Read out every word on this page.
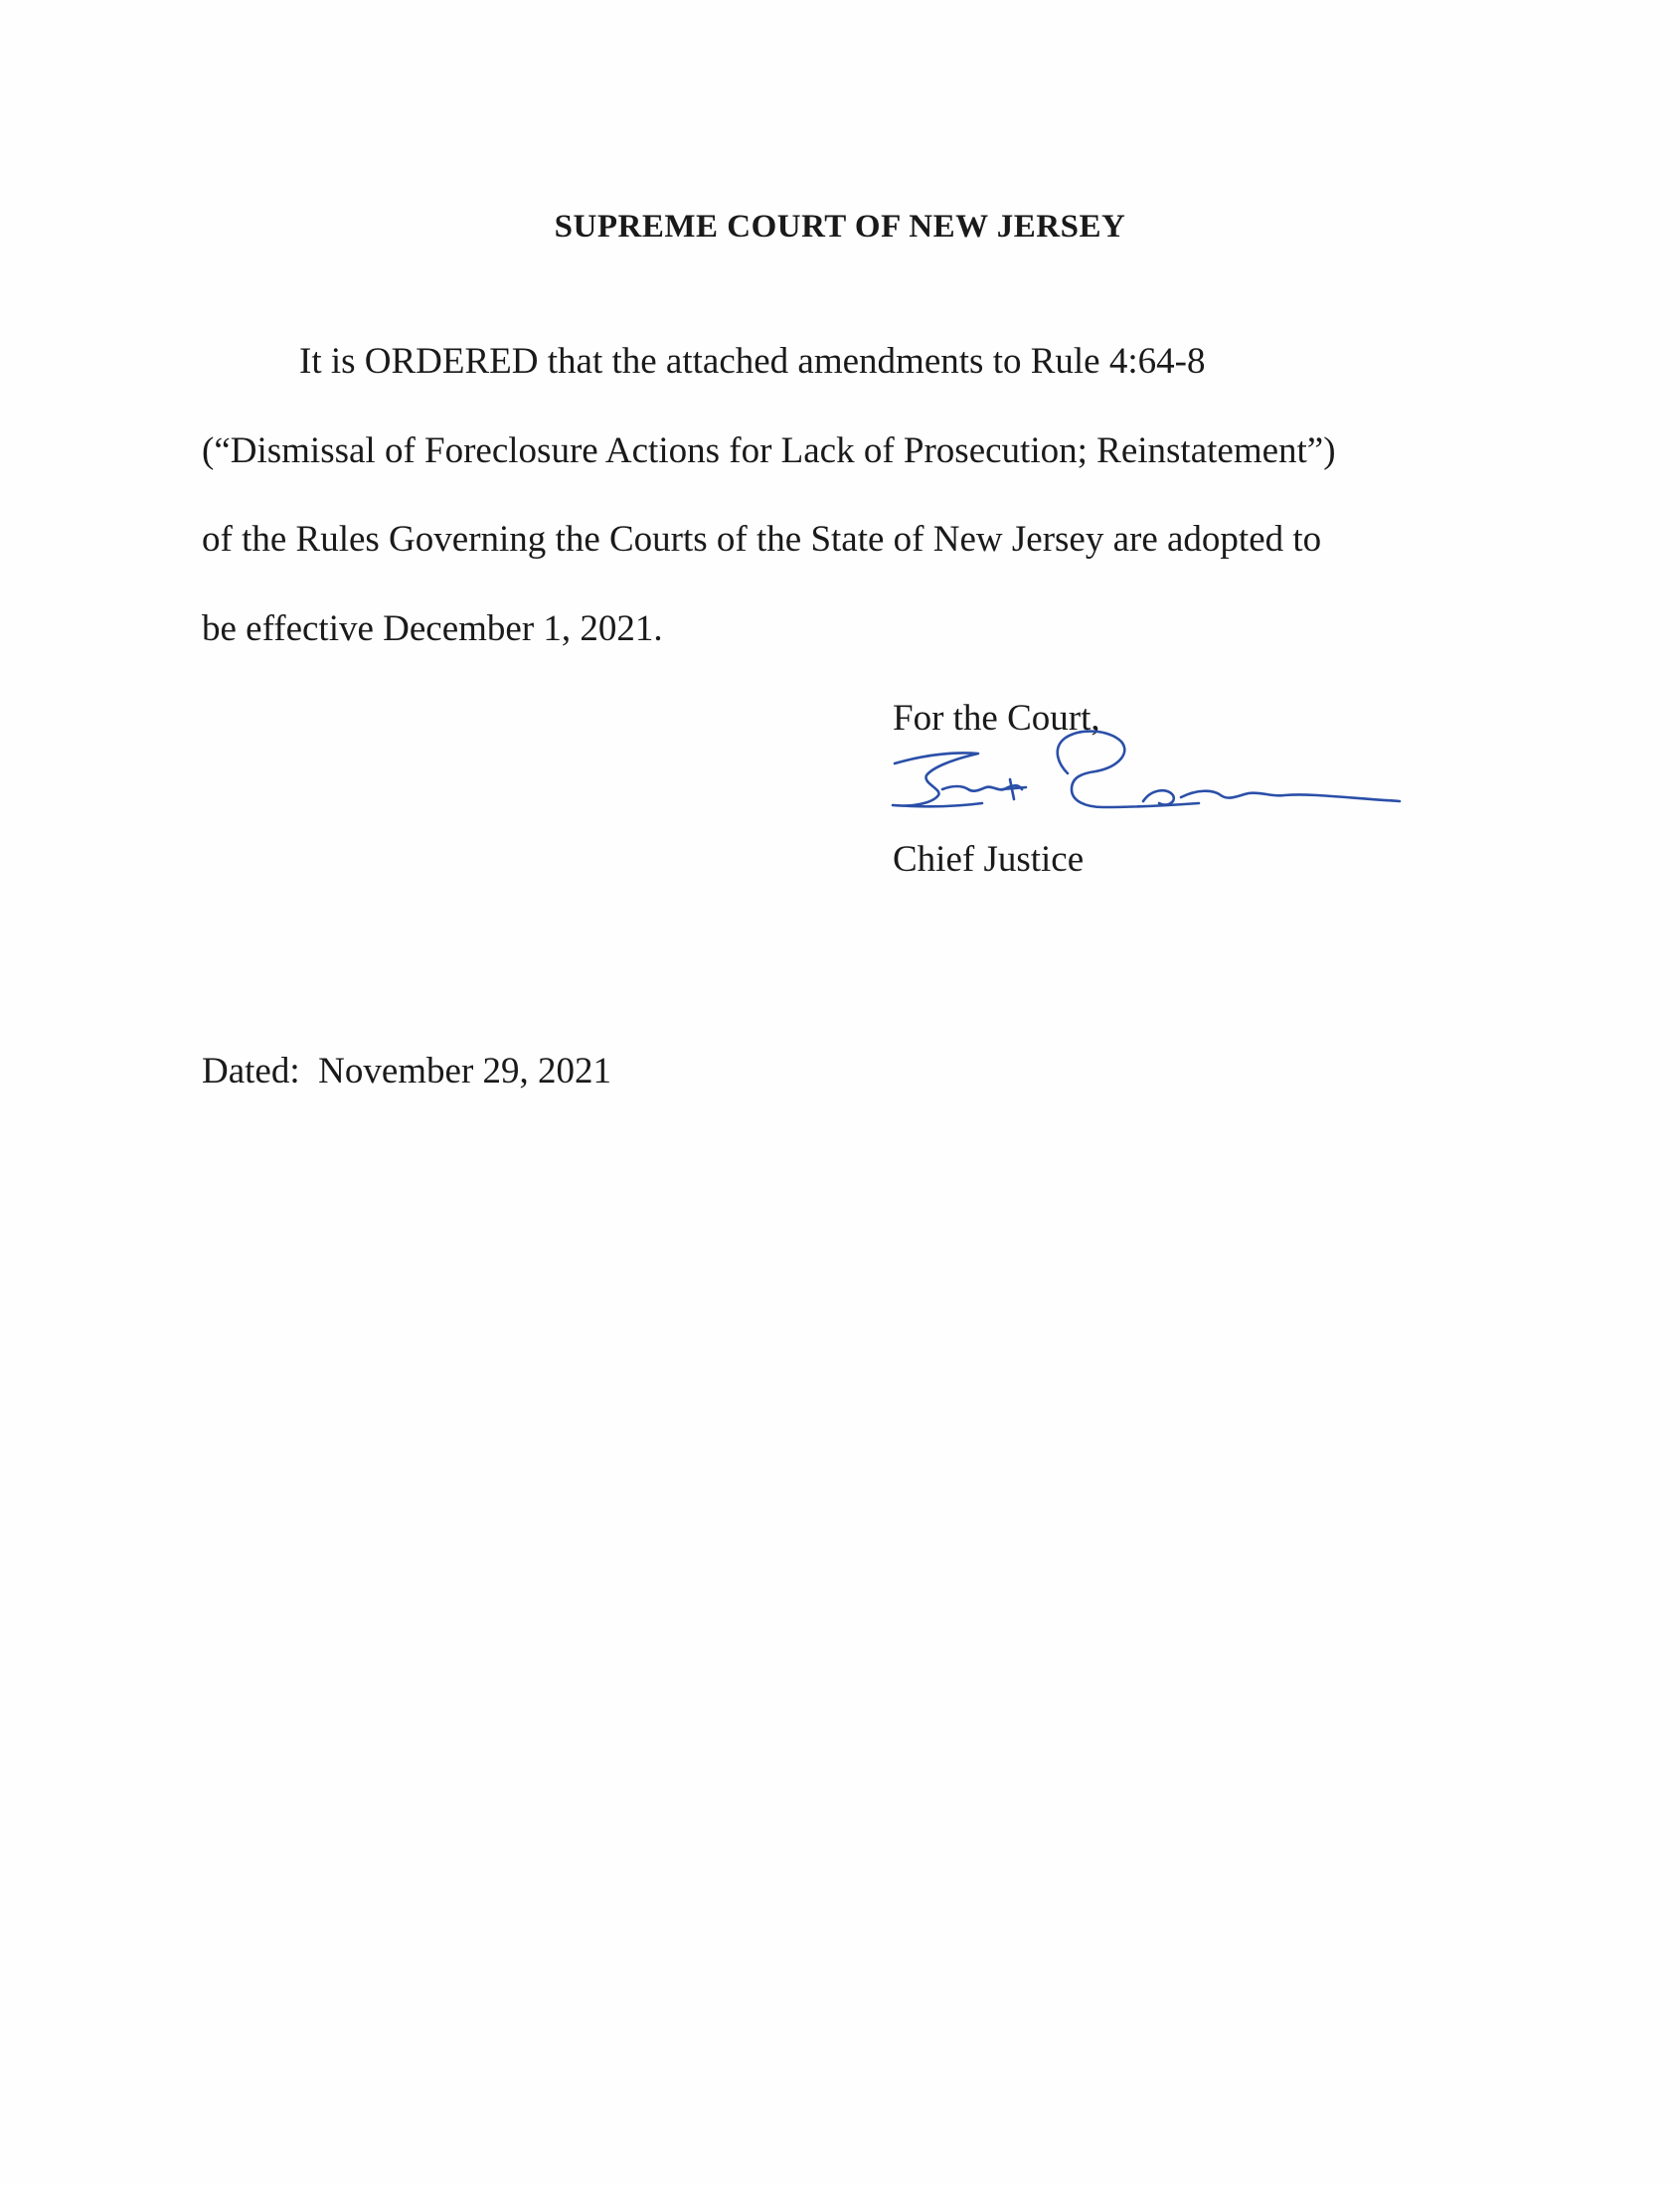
SUPREME COURT OF NEW JERSEY
It is ORDERED that the attached amendments to Rule 4:64-8
(“Dismissal of Foreclosure Actions for Lack of Prosecution; Reinstatement”)
of the Rules Governing the Courts of the State of New Jersey are adopted to
be effective December 1, 2021.
For the Court,
Chief Justice
Dated:  November 29, 2021
